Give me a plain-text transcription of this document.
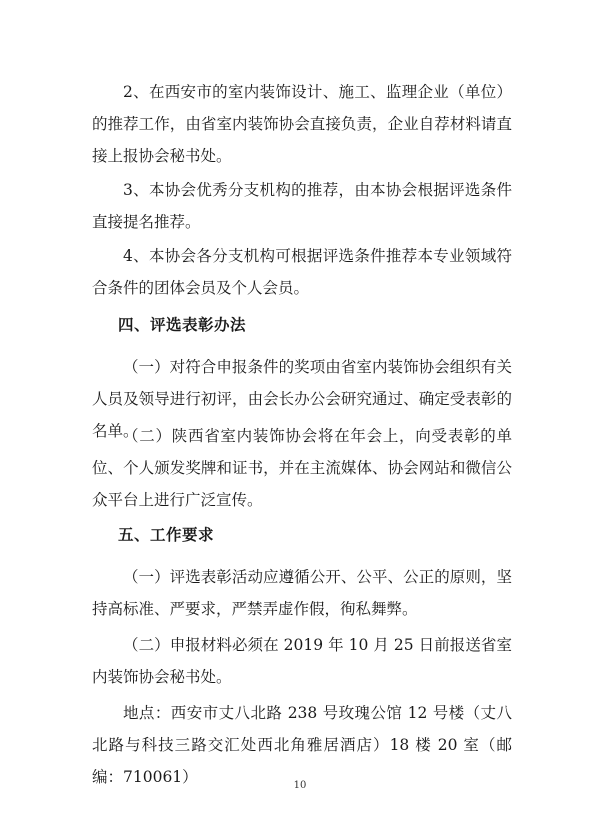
2、在西安市的室内装饰设计、施工、监理企业（单位）的推荐工作，由省室内装饰协会直接负责，企业自荐材料请直接上报协会秘书处。

3、本协会优秀分支机构的推荐，由本协会根据评选条件直接提名推荐。

4、本协会各分支机构可根据评选条件推荐本专业领域符合条件的团体会员及个人会员。

四、评选表彰办法

（一）对符合申报条件的奖项由省室内装饰协会组织有关人员及领导进行初评，由会长办公会研究通过、确定受表彰的名单。

（二）陕西省室内装饰协会将在年会上，向受表彰的单位、个人颁发奖牌和证书，并在主流媒体、协会网站和微信公众平台上进行广泛宣传。

五、工作要求

（一）评选表彰活动应遵循公开、公平、公正的原则，坚持高标准、严要求，严禁弄虚作假，徇私舞弊。

（二）申报材料必须在 2019 年 10 月 25 日前报送省室内装饰协会秘书处。

地点：西安市丈八北路 238 号玫瑰公馆 12 号楼（丈八北路与科技三路交汇处西北角雅居酒店）18 楼 20 室（邮编：710061）	10
